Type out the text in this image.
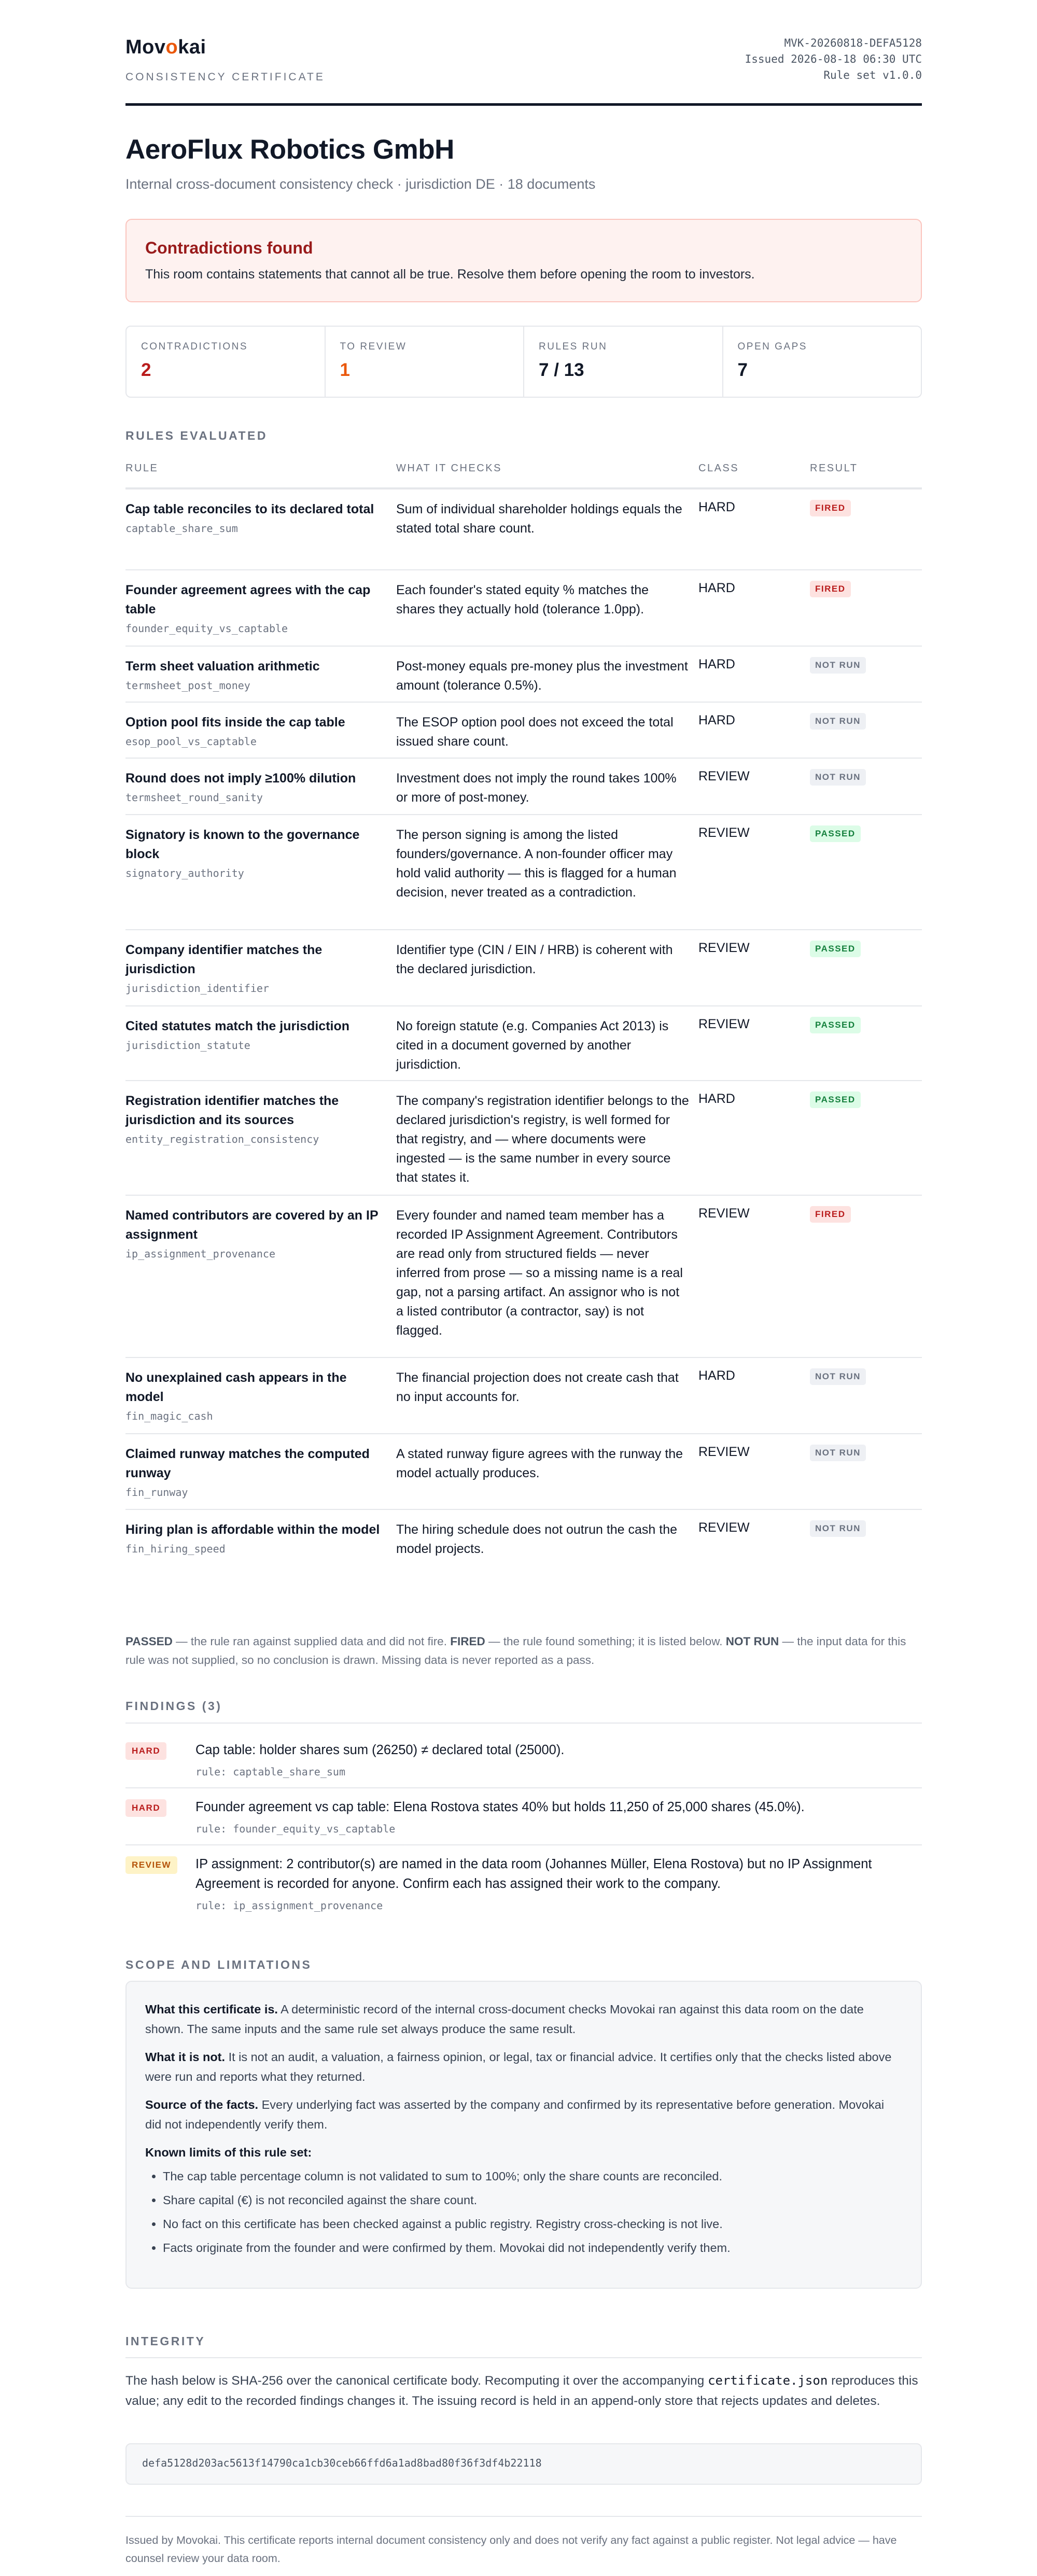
Movokai
CONSISTENCY CERTIFICATE
MVK-20260818-DEFA5128
Issued 2026-08-18 06:30 UTC
Rule set v1.0.0
AeroFlux Robotics GmbH
Internal cross-document consistency check · jurisdiction DE · 18 documents
Contradictions found
This room contains statements that cannot all be true. Resolve them before opening the room to investors.
CONTRADICTIONS
2
TO REVIEW
1
RULES RUN
7 / 13
OPEN GAPS
7
RULES EVALUATED
RULE	WHAT IT CHECKS	CLASS	RESULT
Cap table reconciles to its declared total
captable_share_sum
Sum of individual shareholder holdings equals the stated total share count.
HARD	FIRED
Founder agreement agrees with the cap table
founder_equity_vs_captable
Each founder's stated equity % matches the shares they actually hold (tolerance 1.0pp).
HARD	FIRED
Term sheet valuation arithmetic
termsheet_post_money
Post-money equals pre-money plus the investment amount (tolerance 0.5%).
HARD	NOT RUN
Option pool fits inside the cap table
esop_pool_vs_captable
The ESOP option pool does not exceed the total issued share count.
HARD	NOT RUN
Round does not imply ≥100% dilution
termsheet_round_sanity
Investment does not imply the round takes 100% or more of post-money.
REVIEW	NOT RUN
Signatory is known to the governance block
signatory_authority
The person signing is among the listed founders/governance. A non-founder officer may hold valid authority — this is flagged for a human decision, never treated as a contradiction.
REVIEW	PASSED
Company identifier matches the jurisdiction
jurisdiction_identifier
Identifier type (CIN / EIN / HRB) is coherent with the declared jurisdiction.
REVIEW	PASSED
Cited statutes match the jurisdiction
jurisdiction_statute
No foreign statute (e.g. Companies Act 2013) is cited in a document governed by another jurisdiction.
REVIEW	PASSED
Registration identifier matches the jurisdiction and its sources
entity_registration_consistency
The company's registration identifier belongs to the declared jurisdiction's registry, is well formed for that registry, and — where documents were ingested — is the same number in every source that states it.
HARD	PASSED
Named contributors are covered by an IP assignment
ip_assignment_provenance
Every founder and named team member has a recorded IP Assignment Agreement. Contributors are read only from structured fields — never inferred from prose — so a missing name is a real gap, not a parsing artifact. An assignor who is not a listed contributor (a contractor, say) is not flagged.
REVIEW	FIRED
No unexplained cash appears in the model
fin_magic_cash
The financial projection does not create cash that no input accounts for.
HARD	NOT RUN
Claimed runway matches the computed runway
fin_runway
A stated runway figure agrees with the runway the model actually produces.
REVIEW	NOT RUN
Hiring plan is affordable within the model
fin_hiring_speed
The hiring schedule does not outrun the cash the model projects.
REVIEW	NOT RUN
PASSED — the rule ran against supplied data and did not fire. FIRED — the rule found something; it is listed below. NOT RUN — the input data for this rule was not supplied, so no conclusion is drawn. Missing data is never reported as a pass.
FINDINGS (3)
HARD	Cap table: holder shares sum (26250) ≠ declared total (25000).
rule: captable_share_sum
HARD	Founder agreement vs cap table: Elena Rostova states 40% but holds 11,250 of 25,000 shares (45.0%).
rule: founder_equity_vs_captable
REVIEW	IP assignment: 2 contributor(s) are named in the data room (Johannes Müller, Elena Rostova) but no IP Assignment Agreement is recorded for anyone. Confirm each has assigned their work to the company.
rule: ip_assignment_provenance
SCOPE AND LIMITATIONS

What this certificate is. A deterministic record of the internal cross-document checks Movokai ran against this data room on the date shown. The same inputs and the same rule set always produce the same result.

What it is not. It is not an audit, a valuation, a fairness opinion, or legal, tax or financial advice. It certifies only that the checks listed above were run and reports what they returned.

Source of the facts. Every underlying fact was asserted by the company and confirmed by its representative before generation. Movokai did not independently verify them.

Known limits of this rule set:

• The cap table percentage column is not validated to sum to 100%; only the share counts are reconciled.
• Share capital (€) is not reconciled against the share count.
• No fact on this certificate has been checked against a public registry. Registry cross-checking is not live.
• Facts originate from the founder and were confirmed by them. Movokai did not independently verify them.
INTEGRITY
The hash below is SHA-256 over the canonical certificate body. Recomputing it over the accompanying certificate.json reproduces this value; any edit to the recorded findings changes it. The issuing record is held in an append-only store that rejects updates and deletes.
defa5128d203ac5613f14790ca1cb30ceb66ffd6a1ad8bad80f36f3df4b22118
Issued by Movokai. This certificate reports internal document consistency only and does not verify any fact against a public register. Not legal advice — have counsel review your data room.
